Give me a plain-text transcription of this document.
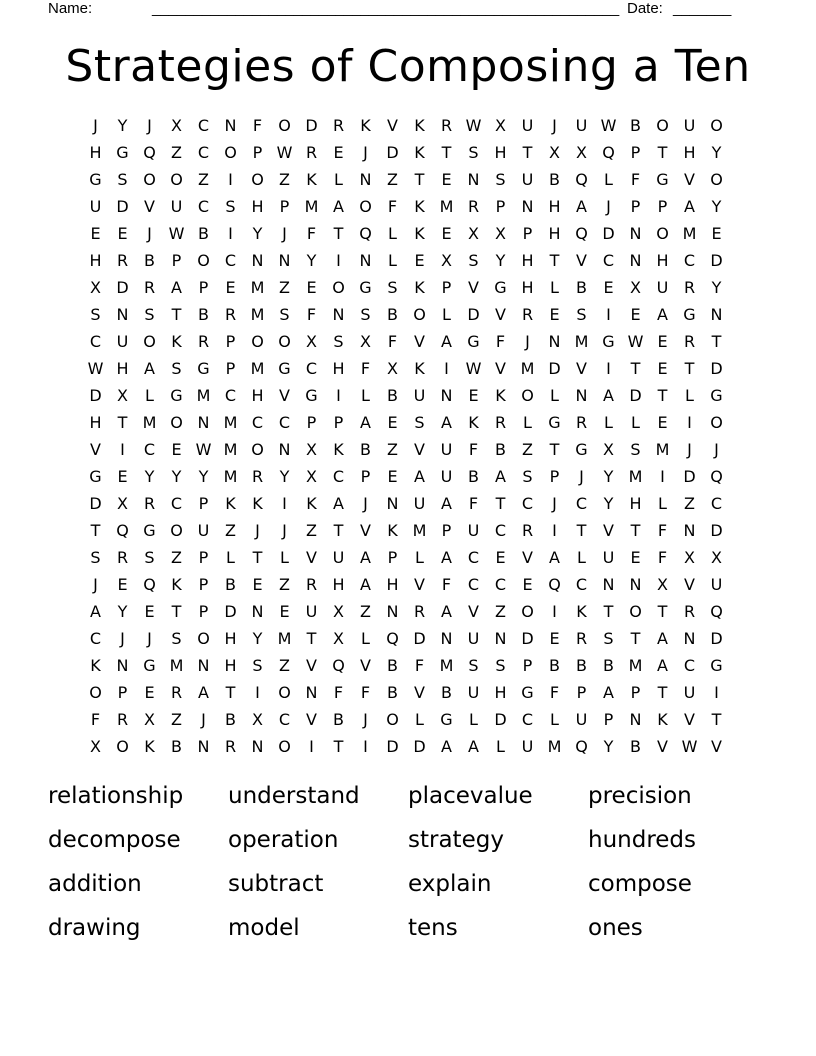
Name:	________________________________________________________ Date: _______
Strategies of Composing a Ten
J	Y	J	X C N	F	O D R	K	V	K	R W X U	J	U W B O U O
H G Q Z C O P W R	E	J	D K	T	S H	T	X	X Q P	T	H	Y
G S O O Z	I	O Z	K	L	N Z	T	E N S	U B Q	L	F	G V O
U D V U C	S H	P M A O	F	K M R	P	N H A	J	P	P	A	Y
E	E	J	W B	I	Y	J	F	T Q	L	K	E	X	X	P	H Q D N O M E
H R B	P O C N N	Y	I	N	L	E	X	S	Y	H	T	V C N H C D
X D R A	P	E M Z	E O G S	K	P	V G H	L	B	E	X U R	Y
S N S	T	B R M S	F	N S	B O	L	D V R	E	S	I	E	A G N
C U O K	R	P O O X	S	X	F	V	A G	F	J	N M G W E	R	T
W H A	S G P M G C H	F	X	K	I	W V M D V	I	T	E	T D
D X	L	G M C H V G	I	L	B U N E	K O	L	N A D T	L	G
H	T M O N M C C	P	P	A	E	S	A	K	R	L	G R	L	L	E	I	O
V	I	C	E W M O N X	K	B	Z	V U	F	B	Z	T G X	S M	J	J
G E	Y	Y	Y M R	Y	X C	P	E	A U B	A	S	P	J	Y M	I	D Q
D X R C	P	K	K	I	K	A	J	N U A	F	T	C	J	C	Y	H	L	Z C
T Q G O U Z	J	J	Z	T	V	K M P	U C R	I	T	V	T	F	N D
S	R	S	Z	P	L	T	L	V U A	P	L	A C	E	V	A	L	U	E	F	X	X
J	E Q K	P	B	E	Z R H A H V	F	C C	E Q C N N X	V U
A	Y	E	T	P	D N E	U X	Z N R A	V	Z O	I	K	T O T	R Q
C	J	J	S O H	Y M T	X	L	Q D N U N D E	R	S	T	A N D
K N G M N H S	Z	V Q V	B	F M S	S	P	B	B	B M A C G
O P	E	R A	T	I	O N	F	F	B	V	B U H G	F	P	A	P	T	U	I
F	R X	Z	J	B	X C V	B	J	O	L	G	L	D C	L	U	P	N K	V	T
X O K	B N R N O	I	T	I	D D A	A	L	U M Q Y	B	V W V
relationship	understand	placevalue	precision
decompose	operation	strategy	hundreds
addition	subtract	explain	compose
drawing	model	tens	ones
